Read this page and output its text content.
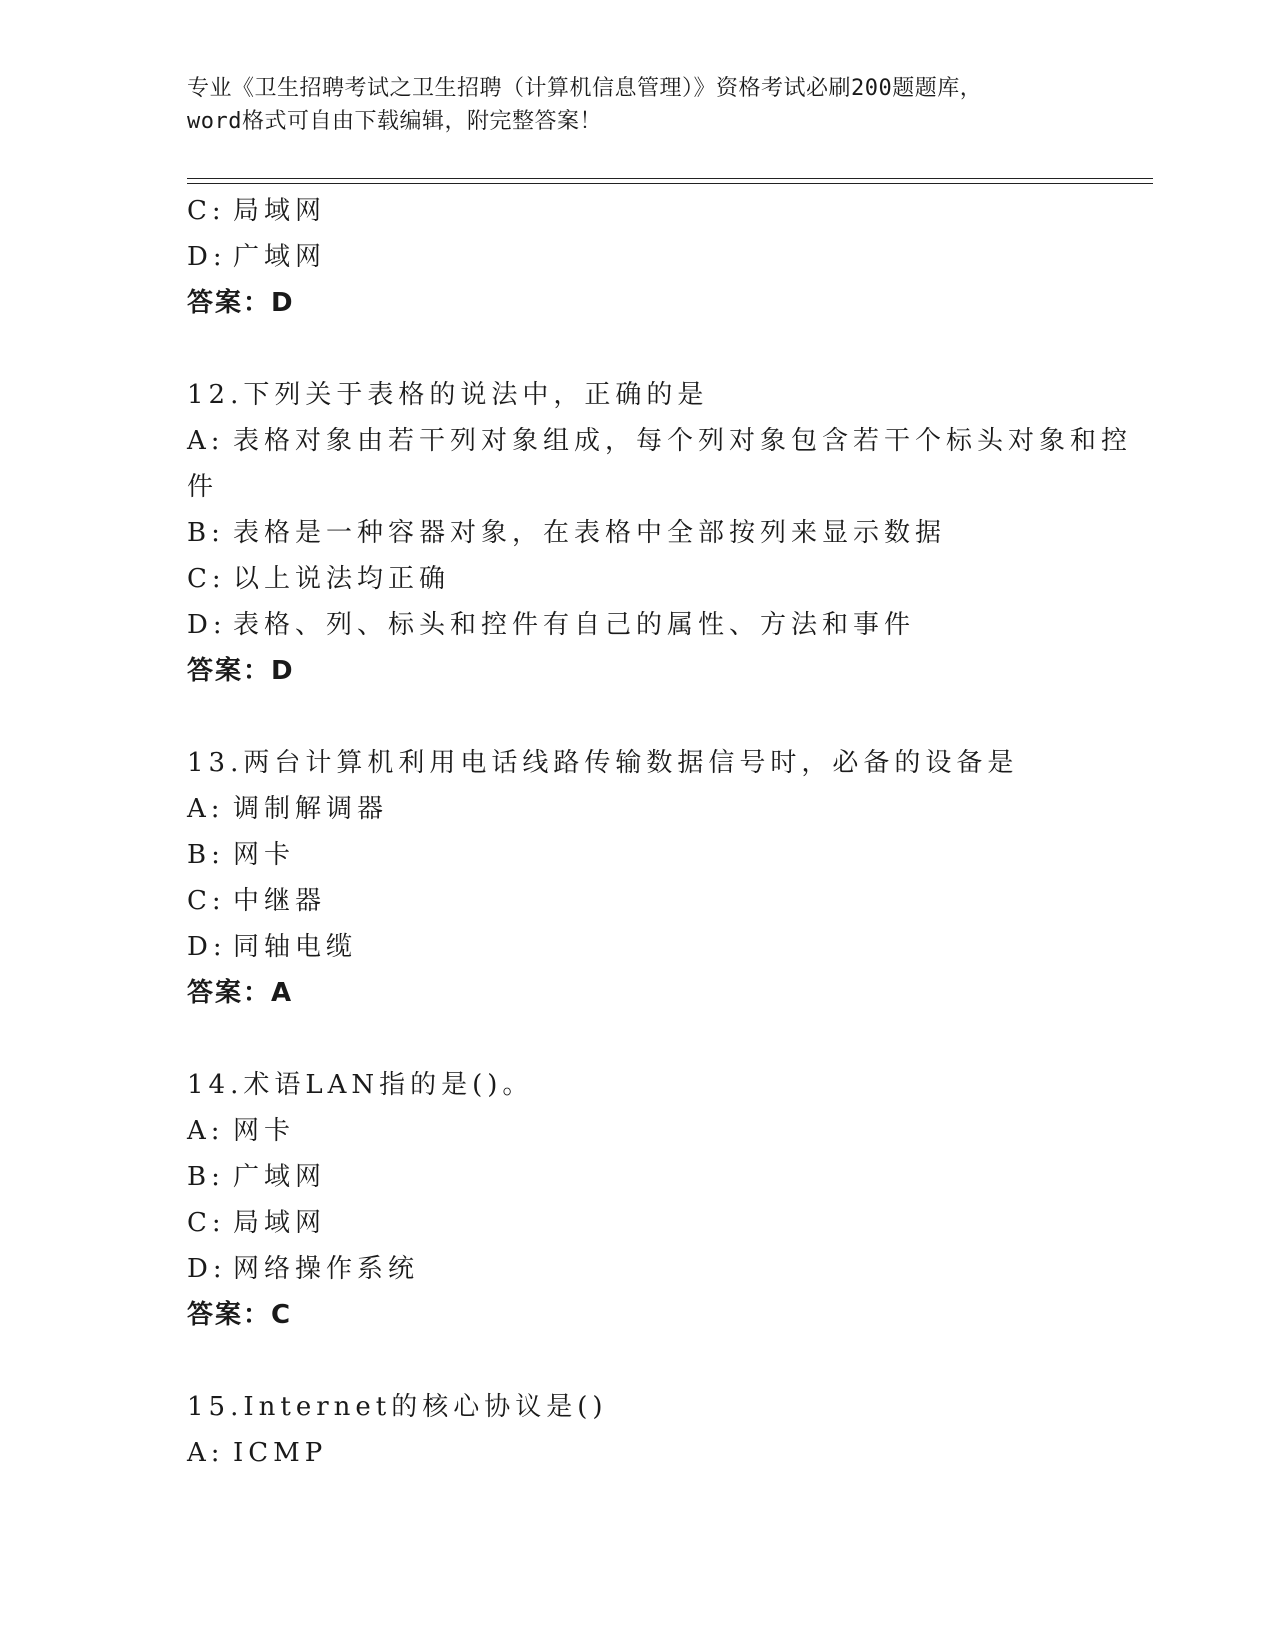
专业《卫生招聘考试之卫生招聘（计算机信息管理）》资格考试必刷200题题库，
word格式可自由下载编辑，附完整答案！
C: 局域网
D: 广域网
答案：D
12.下列关于表格的说法中，正确的是
A: 表格对象由若干列对象组成，每个列对象包含若干个标头对象和控
件
B: 表格是一种容器对象，在表格中全部按列来显示数据
C: 以上说法均正确
D: 表格、列、标头和控件有自己的属性、方法和事件
答案：D
13.两台计算机利用电话线路传输数据信号时，必备的设备是
A: 调制解调器
B: 网卡
C: 中继器
D: 同轴电缆
答案：A
14.术语LAN指的是()。
A: 网卡
B: 广域网
C: 局域网
D: 网络操作系统
答案：C
15.Internet的核心协议是()
A: ICMP
